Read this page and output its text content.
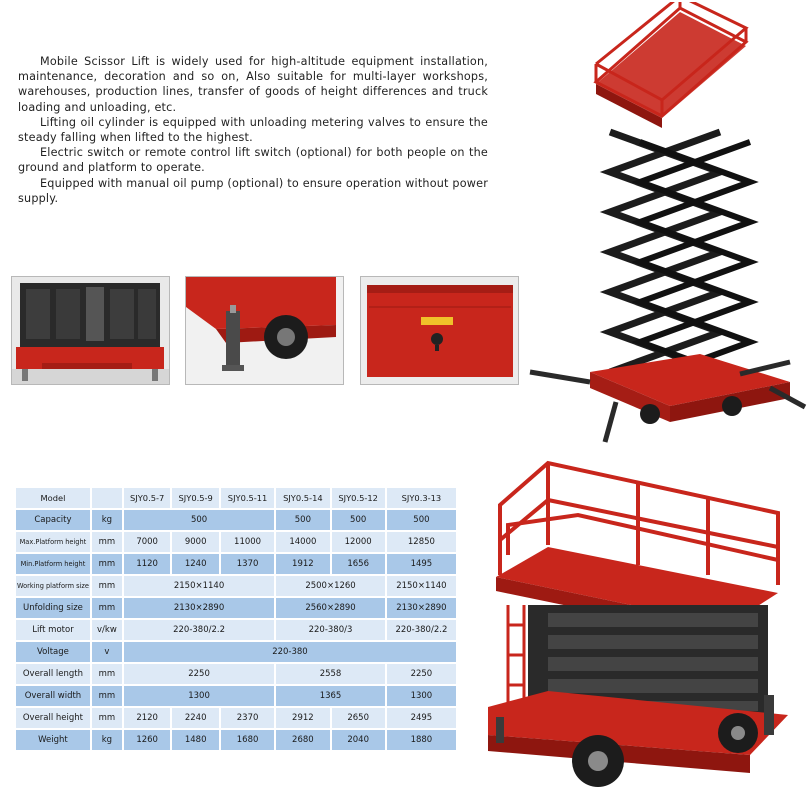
Mobile Scissor Lift is widely used for high-altitude equipment installation, maintenance, decoration and so on, Also suitable for multi-layer workshops, warehouses, production lines, transfer of goods of height differences and truck loading and unloading, etc.

Lifting oil cylinder is equipped with unloading metering valves to ensure the steady falling when lifted to the highest.

Electric switch or remote control lift switch (optional) for both people on the ground and platform to operate.

Equipped with manual oil pump (optional) to ensure operation without power supply.

Model		SJY0.5-7	SJY0.5-9	SJY0.5-11	SJY0.5-14	SJY0.5-12	SJY0.3-13
Capacity	kg	500			500	500	500
Max.Platform height	mm	7000	9000	11000	14000	12000	12850
Min.Platform height	mm	1120	1240	1370	1912	1656	1495
Working platform size	mm	2150×1140			2500×1260		2150×1140
Unfolding size	mm	2130×2890			2560×2890		2130×2890
Lift motor	v/kw	220-380/2.2			220-380/3		220-380/2.2
Voltage	v	220-380					
Overall length	mm	2250			2558		2250
Overall width	mm	1300			1365		1300
Overall height	mm	2120	2240	2370	2912	2650	2495
Weight	kg	1260	1480	1680	2680	2040	1880
